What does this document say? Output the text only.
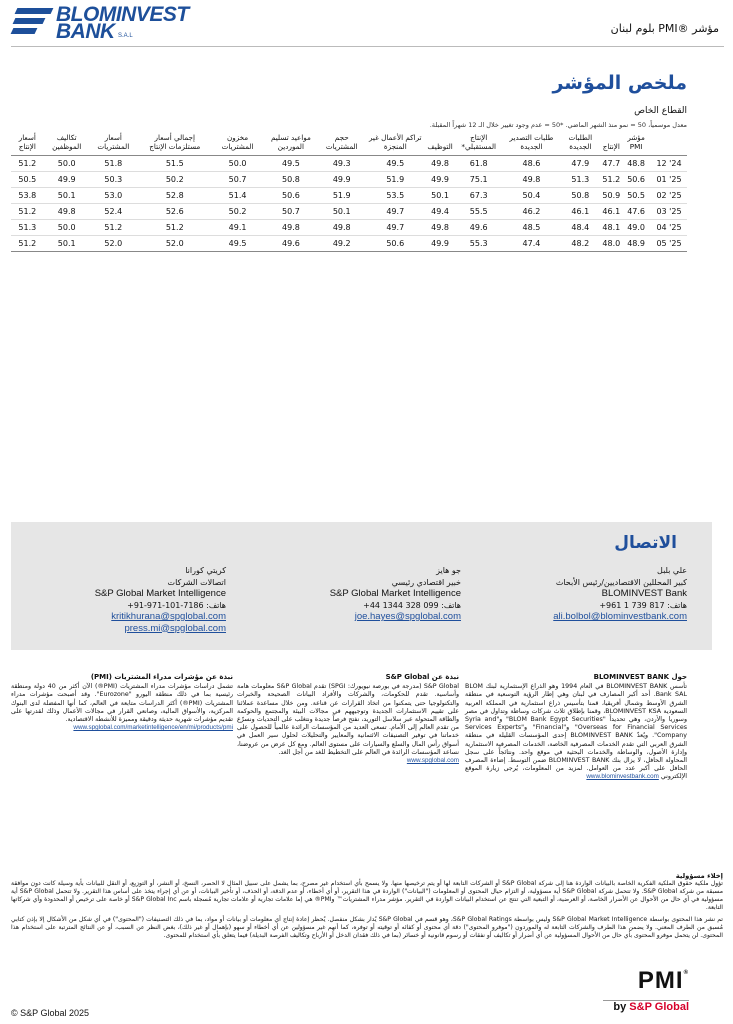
BLOMINVEST
BANK S.A.L
مؤشر ®PMI بلوم لبنان
ملخص المؤشر
القطاع الخاص
معدل موسمياً، 50 = نمو منذ الشهر الماضي. *50 = عدم وجود تغيير خلال الـ 12 شهراً المقبلة.
	مؤشر PMI	الإنتاج	الطلبات الجديدة	طلبات التصدير الجديدة	الإنتاج المستقبلي*	التوظيف	تراكم الأعمال غير المنجزة	حجم المشتريات	مواعيد تسليم الموردين	مخزون المشتريات	إجمالي أسعار مستلزمات الإنتاج	أسعار المشتريات	تكاليف الموظفين	أسعار الإنتاج
24' 12	48.8	47.7	47.9	48.6	61.8	49.8	49.5	49.3	49.5	50.0	51.5	51.8	50.0	51.2
25' 01	50.6	51.2	51.3	49.8	75.1	49.9	51.9	49.9	50.8	50.7	50.2	50.3	49.9	50.5
25' 02	50.5	50.9	50.8	50.4	67.3	50.1	53.5	51.9	50.6	51.4	52.8	53.0	50.1	53.8
25' 03	47.6	46.1	46.1	46.2	55.5	49.4	49.7	50.1	50.7	50.2	52.6	52.4	49.8	51.2
25' 04	49.0	48.1	48.4	48.5	49.6	49.8	49.7	49.8	49.8	49.1	51.2	51.2	50.0	51.3
25' 05	48.9	48.0	48.2	47.4	55.3	49.9	50.6	49.2	49.6	49.5	52.0	52.0	50.1	51.2
الاتصال
علي بلبل
كبير المحللين الاقتصاديين/رئيس الأبحاث
BLOMINVEST Bank
هاتف: 817 739 1 961+
ali.bolbol@blominvestbank.com
جو هايز
خبير اقتصادي رئيسي
S&P Global Market Intelligence
هاتف: 099 328 1344 44+
joe.hayes@spglobal.com
كريتي كورانا
اتصالات الشركات
S&P Global Market Intelligence
هاتف: 7186-101-971-91+
kritikhurana@spglobal.com
press.mi@spglobal.com
حول BLOMINVEST BANK
تأسس BLOMINVEST BANK في العام 1994 وهو الذراع الإستثمارية لبنك BLOM Bank SAL. أحد أكبر المصارف في لبنان وهي إطار الرؤية التوسعية في منطقة الشرق الأوسط وشمال أفريقيا، قمنا بتأسيس ذراع استثمارية في المملكة العربية السعودية BLOMINVEST KSA، وقمنا بإطلاق ثلاث شركات وساطة وتداول في مصر وسوريا والأردن، وهي تحديداً "BLOM Bank Egypt Securities" و"Syria and Overseas for Financial Services" و"Financial" و"Services Experts Company". ويُعدّ BLOMINVEST BANK إحدى المؤسسات القليلة في منطقة الشرق العربي التي تقدم الخدمات المصرفية الخاصة، الخدمات المصرفية الاستثمارية وإدارة الأصول، والوساطة والخدمات البحثية في موقع واحد. ونتائجاً على سجل المحاولة الحافل، لا يزال بنك BLOMINVEST BANK ضمن التوسط. إضاءة المصرف الحافل على أكبر عدد من العوامل. لمزيد من المعلومات، يُرجى زيارة الموقع الإلكتروني www.blominvestbank.com
نبذة عن S&P Global
S&P Global (مدرجة في بورصة نيويورك: SPGI) تقدم S&P Global معلومات هامة وأساسية. تقدم للحكومات، والشركات والأفراد البيانات الصحيحة والخبرات والتكنولوجيا حتى يتمكنوا من اتخاذ القرارات عن قناعة. ومن خلال مساعدة عملائنا على تقييم الاستثمارات الجديدة وتوجيههم في مجالات البيئة والمجتمع والحوكمة والطاقة المتحولة عبر سلاسل التوريد، نفتح فرصاً جديدة ونتغلب على التحديات ونسرّع من تقدم العالم إلى الأمام. تسعى العديد من المؤسسات الرائدة عالمياً للحصول على خدماتنا في توفير التصنيفات الائتمانية والمعايير والتحليلات لحلول سير العمل في أسواق رأس المال والسلع والسيارات على مستوى العالم. ومع كل عرض من عروضنا، نساعد المؤسسات الرائدة في العالم على التخطيط للغد من أجل الغد.
www.spglobal.com
نبذة عن مؤشرات مدراء المشتريات (PMI)
تشمل دراسات مؤشرات مدراء المشتريات (PMI®) الآن أكثر من 40 دولة ومنطقة رئيسية بما في ذلك منطقة اليورو "Eurozone". وقد أصبحت مؤشرات مدراء المشتريات (PMI®) أكثر الدراسات متابعة في العالم، كما أنها المفضلة لدى البنوك المركزية، والأسواق المالية، وصانعي القرار في مجالات الأعمال وذلك لقدرتها على تقديم مؤشرات شهرية حديثة ودقيقة ومميزة للأنشطة الاقتصادية.
www.spglobal.com/marketintelligence/en/mi/products/pmi
إخلاء مسؤولية

تؤول ملكية حقوق الملكية الفكرية الخاصة بالبيانات الواردة هنا إلى شركة S&P Global أو الشركات التابعة لها أو يتم ترخيصها منها. ولا يسمح بأي استخدام غير مصرح، بما يشمل على سبيل المثال لا الحصر، النسخ، أو النشر، أو التوزيع، أو النقل للبيانات بأية وسيلة كانت دون موافقة مسبقة من شركة S&P Global. ولا تتحمل شركة S&P Global أية مسؤولية، أو التزام حيال المحتوى أو المعلومات ("البيانات") الواردة في هذا التقرير، أو أي أخطاء، أو عدم الدقة، أو الحذف، أو تأخير البيانات، أو عن أي إجراء يتخذ على أساس هذا التقرير. ولا تتحمل S&P Global أية مسؤولية في أي حال من الأحوال عن الأضرار الخاصة، أو العرضية، أو التبعية التي تنتج عن استخدام البيانات الواردة في التقرير. مؤشر مدراء المشتريات™ وPMI® هي إما علامات تجارية أو علامات تجارية مُسجلة باسم S&P Global Inc أو خاصة على ترخيص أو المحدودة وأي شركاتها التابعة.

تم نشر هذا المحتوى بواسطة S&P Global Market Intelligence وليس بواسطة S&P Global Ratings، وهو قسم في S&P Global يُدار بشكل منفصل. يُحظر إعادة إنتاج أي معلومات أو بيانات أو مواد، بما في ذلك التصنيفات ("المحتوى") في أي شكل من الأشكال إلا بإذن كتابي مُسبق من الطرف المعني. ولا يضمن هذا الطرف والشركات التابعة له والموردون ("موفرو المحتوى") دقة أي محتوى أو كفائه أو توقيته أو توفره، كما أنهم غير مسؤولين عن أي أخطاء أو سهو (بإهمال أو غير ذلك)، بغض النظر عن السبب، أو عن النتائج المترتبة على استخدام هذا المحتوى. لن يتحمل موفرو المحتوى بأي حال من الأحوال المسؤولية عن أي أضرار أو تكاليف أو نفقات أو رسوم قانونية أو خسائر (بما في ذلك فقدان الدخل أو الأرباح وتكاليف الفرصة البديلة) فيما يتعلق بأي استخدام للمحتوى.

© S&P Global 2025
PMI®
by S&P Global
